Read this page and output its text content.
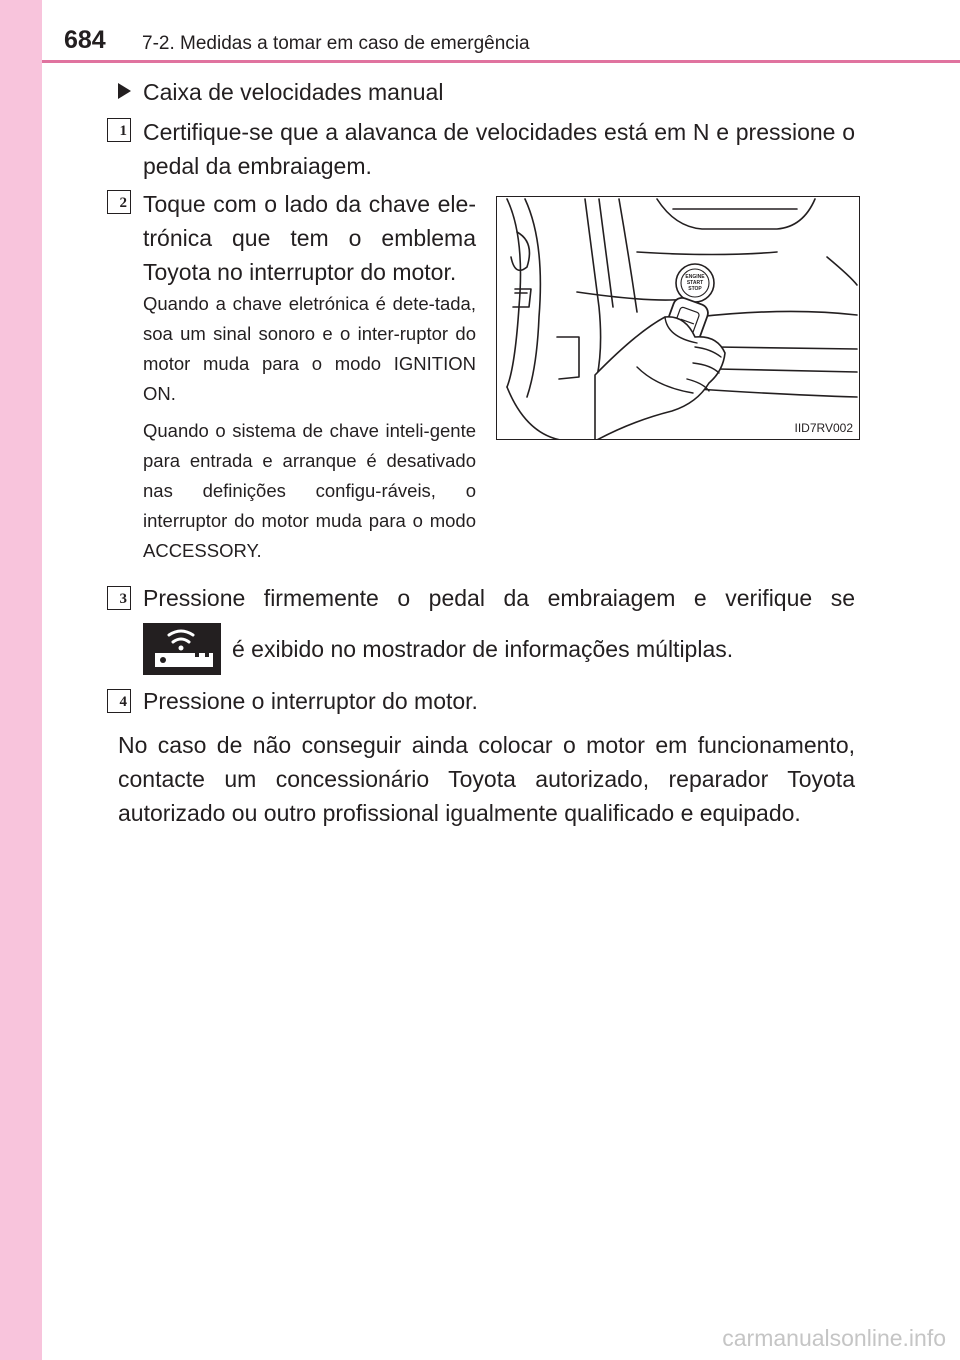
684 7-2. Medidas a tomar em caso de emergência
Caixa de velocidades manual
1 Certifique-se que a alavanca de velocidades está em N e pressione o pedal da embraiagem.
2 Toque com o lado da chave ele-trónica que tem o emblema Toyota no interruptor do motor.
Quando a chave eletrónica é dete-tada, soa um sinal sonoro e o inter-ruptor do motor muda para o modo IGNITION ON.
Quando o sistema de chave inteli-gente para entrada e arranque é desativado nas definições configu-ráveis, o interruptor do motor muda para o modo ACCESSORY.
ENGINE
START
STOP
IID7RV002
3 Pressione firmemente o pedal da embraiagem e verifique se
é exibido no mostrador de informações múltiplas.
4 Pressione o interruptor do motor.
No caso de não conseguir ainda colocar o motor em funcionamento, contacte um concessionário Toyota autorizado, reparador Toyota autorizado ou outro profissional igualmente qualificado e equipado.
carmanualsonline.info
